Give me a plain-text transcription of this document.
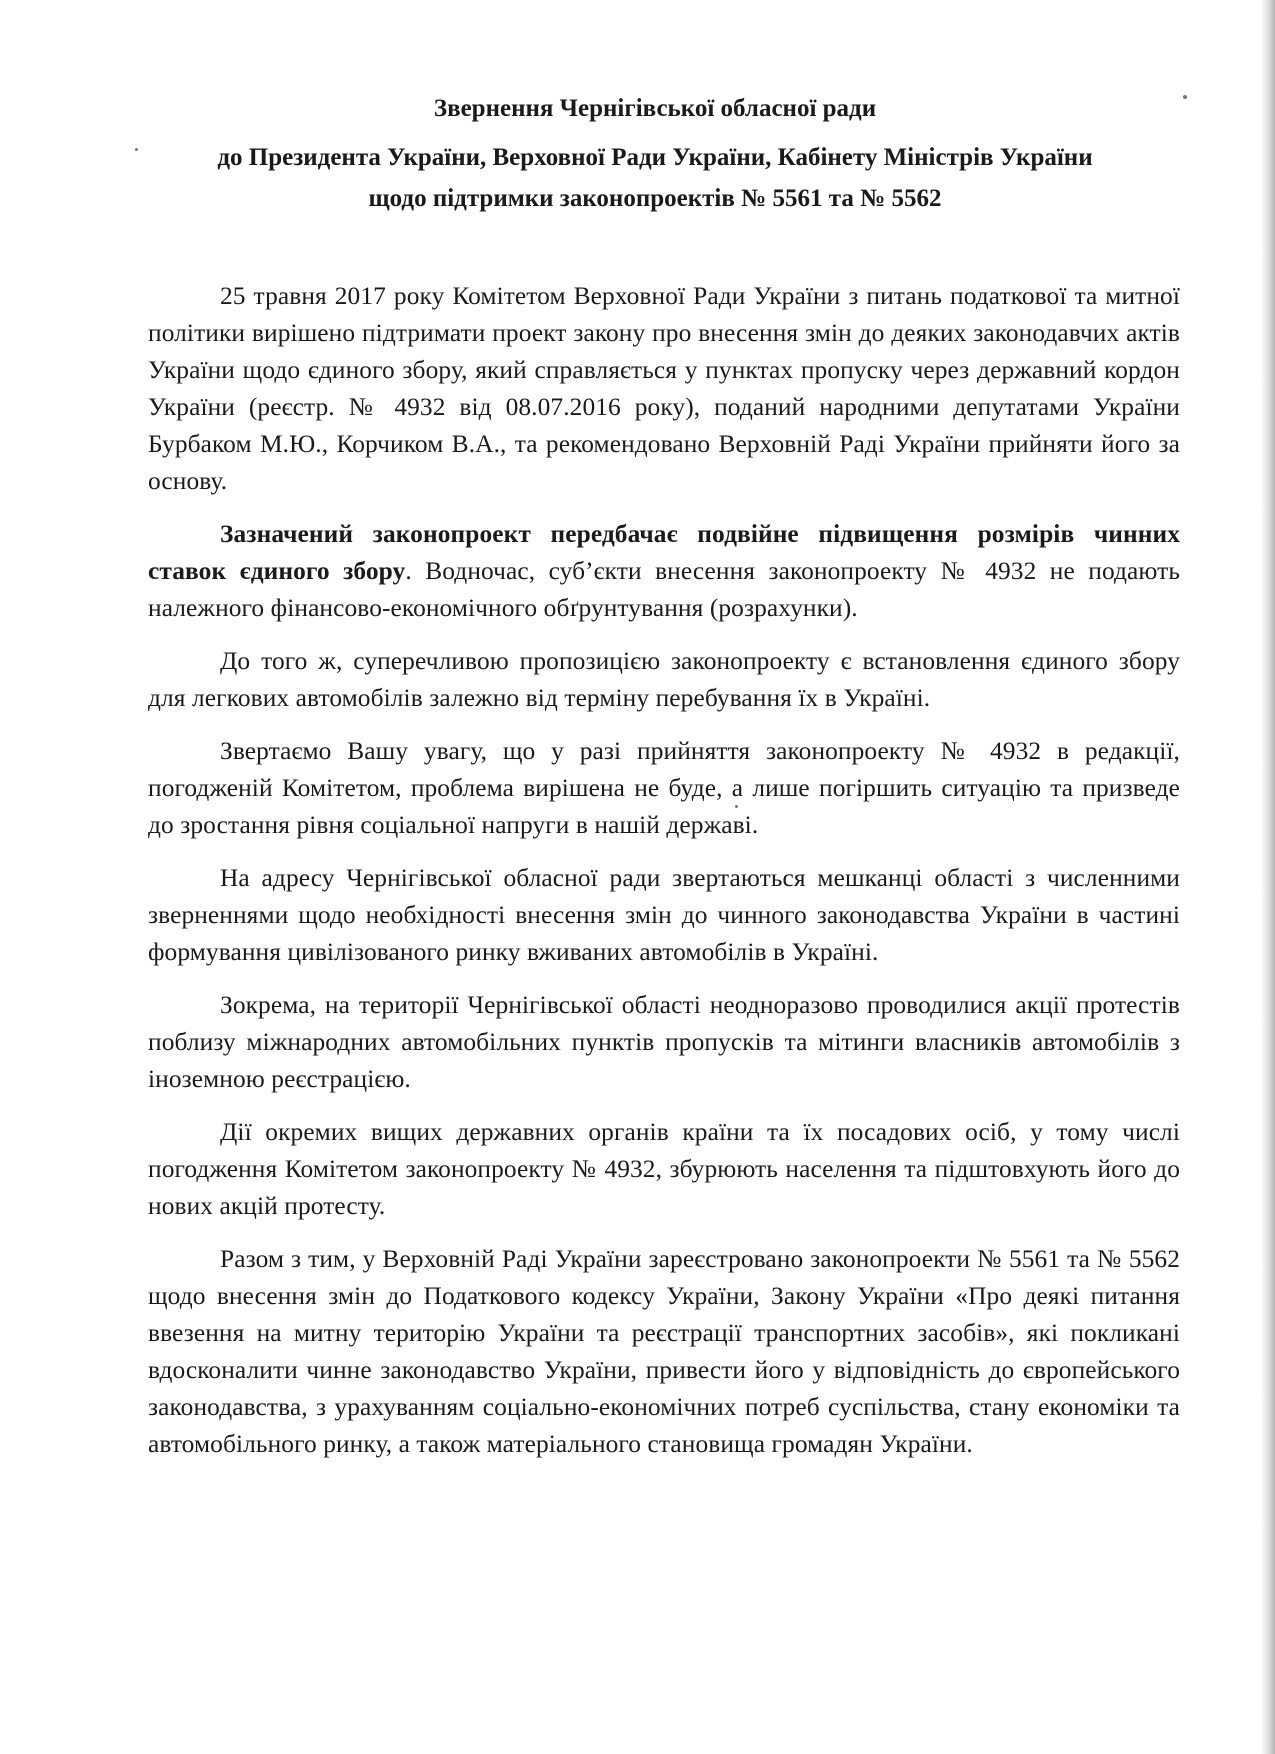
Звернення Чернігівської обласної ради
до Президента України, Верховної Ради України, Кабінету Міністрів України
щодо підтримки законопроектів № 5561 та № 5562

25 травня 2017 року Комітетом Верховної Ради України з питань податкової та митної політики вирішено підтримати проект закону про внесення змін до деяких законодавчих актів України щодо єдиного збору, який справляється у пунктах пропуску через державний кордон України (реєстр. № 4932 від 08.07.2016 року), поданий народними депутатами України Бурбаком М.Ю., Корчиком В.А., та рекомендовано Верховній Раді України прийняти його за основу.

Зазначений законопроект передбачає подвійне підвищення розмірів чинних ставок єдиного збору. Водночас, суб’єкти внесення законопроекту № 4932 не подають належного фінансово-економічного обґрунтування (розрахунки).

До того ж, суперечливою пропозицією законопроекту є встановлення єдиного збору для легкових автомобілів залежно від терміну перебування їх в Україні.

Звертаємо Вашу увагу, що у разі прийняття законопроекту № 4932 в редакції, погодженій Комітетом, проблема вирішена не буде, а лише погіршить ситуацію та призведе до зростання рівня соціальної напруги в нашій державі.

На адресу Чернігівської обласної ради звертаються мешканці області з численними зверненнями щодо необхідності внесення змін до чинного законодавства України в частині формування цивілізованого ринку вживаних автомобілів в Україні.

Зокрема, на території Чернігівської області неодноразово проводилися акції протестів поблизу міжнародних автомобільних пунктів пропусків та мітинги власників автомобілів з іноземною реєстрацією.

Дії окремих вищих державних органів країни та їх посадових осіб, у тому числі погодження Комітетом законопроекту № 4932, збурюють населення та підштовхують його до нових акцій протесту.

Разом з тим, у Верховній Раді України зареєстровано законопроекти № 5561 та № 5562 щодо внесення змін до Податкового кодексу України, Закону України «Про деякі питання ввезення на митну територію України та реєстрації транспортних засобів», які покликані вдосконалити чинне законодавство України, привести його у відповідність до європейського законодавства, з урахуванням соціально-економічних потреб суспільства, стану економіки та автомобільного ринку, а також матеріального становища громадян України.
